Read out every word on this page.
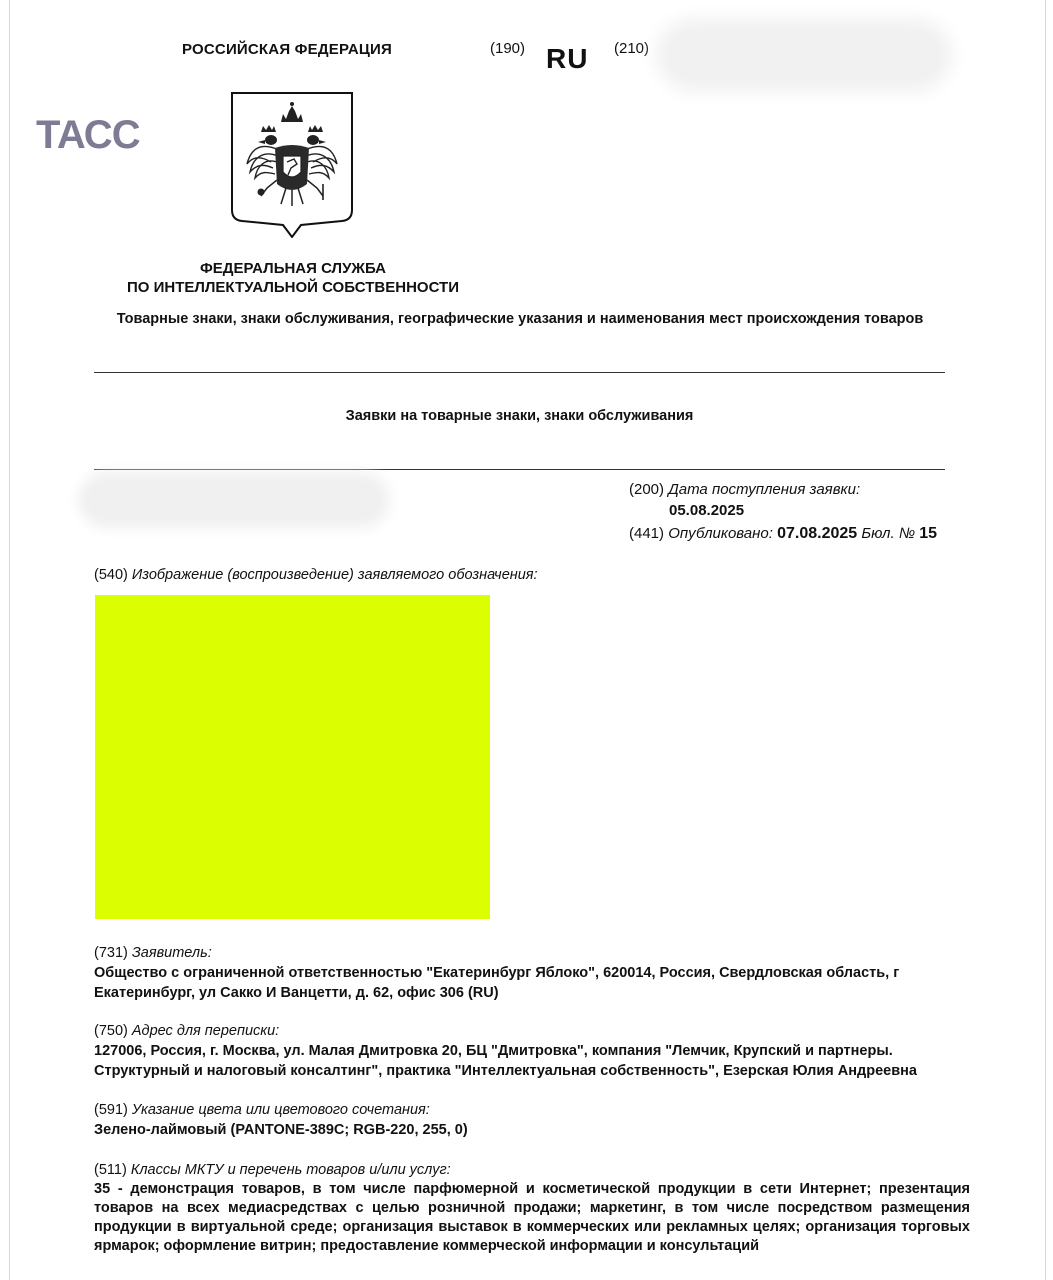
РОССИЙСКАЯ ФЕДЕРАЦИЯ	(190) RU (210)
ТАСС
ФЕДЕРАЛЬНАЯ СЛУЖБА
ПО ИНТЕЛЛЕКТУАЛЬНОЙ СОБСТВЕННОСТИ
Товарные знаки, знаки обслуживания, географические указания и наименования мест происхождения товаров
Заявки на товарные знаки, знаки обслуживания
(200) Дата поступления заявки:
05.08.2025
(441) Опубликовано: 07.08.2025 Бюл. № 15
(540) Изображение (воспроизведение) заявляемого обозначения:
(731) Заявитель:
Общество с ограниченной ответственностью "Екатеринбург Яблоко", 620014, Россия, Свердловская область, г Екатеринбург, ул Сакко И Ванцетти, д. 62, офис 306 (RU)
(750) Адрес для переписки:
127006, Россия, г. Москва, ул. Малая Дмитровка 20, БЦ "Дмитровка", компания "Лемчик, Крупский и партнеры. Структурный и налоговый консалтинг", практика "Интеллектуальная собственность", Езерская Юлия Андреевна
(591) Указание цвета или цветового сочетания:
Зелено-лаймовый (PANTONE-389C; RGB-220, 255, 0)
(511) Классы МКТУ и перечень товаров и/или услуг:
35 - демонстрация товаров, в том числе парфюмерной и косметической продукции в сети Интернет; презентация товаров на всех медиасредствах с целью розничной продажи; маркетинг, в том числе посредством размещения продукции в виртуальной среде; организация выставок в коммерческих или рекламных целях; организация торговых ярмарок; оформление витрин; предоставление коммерческой информации и консультаций
